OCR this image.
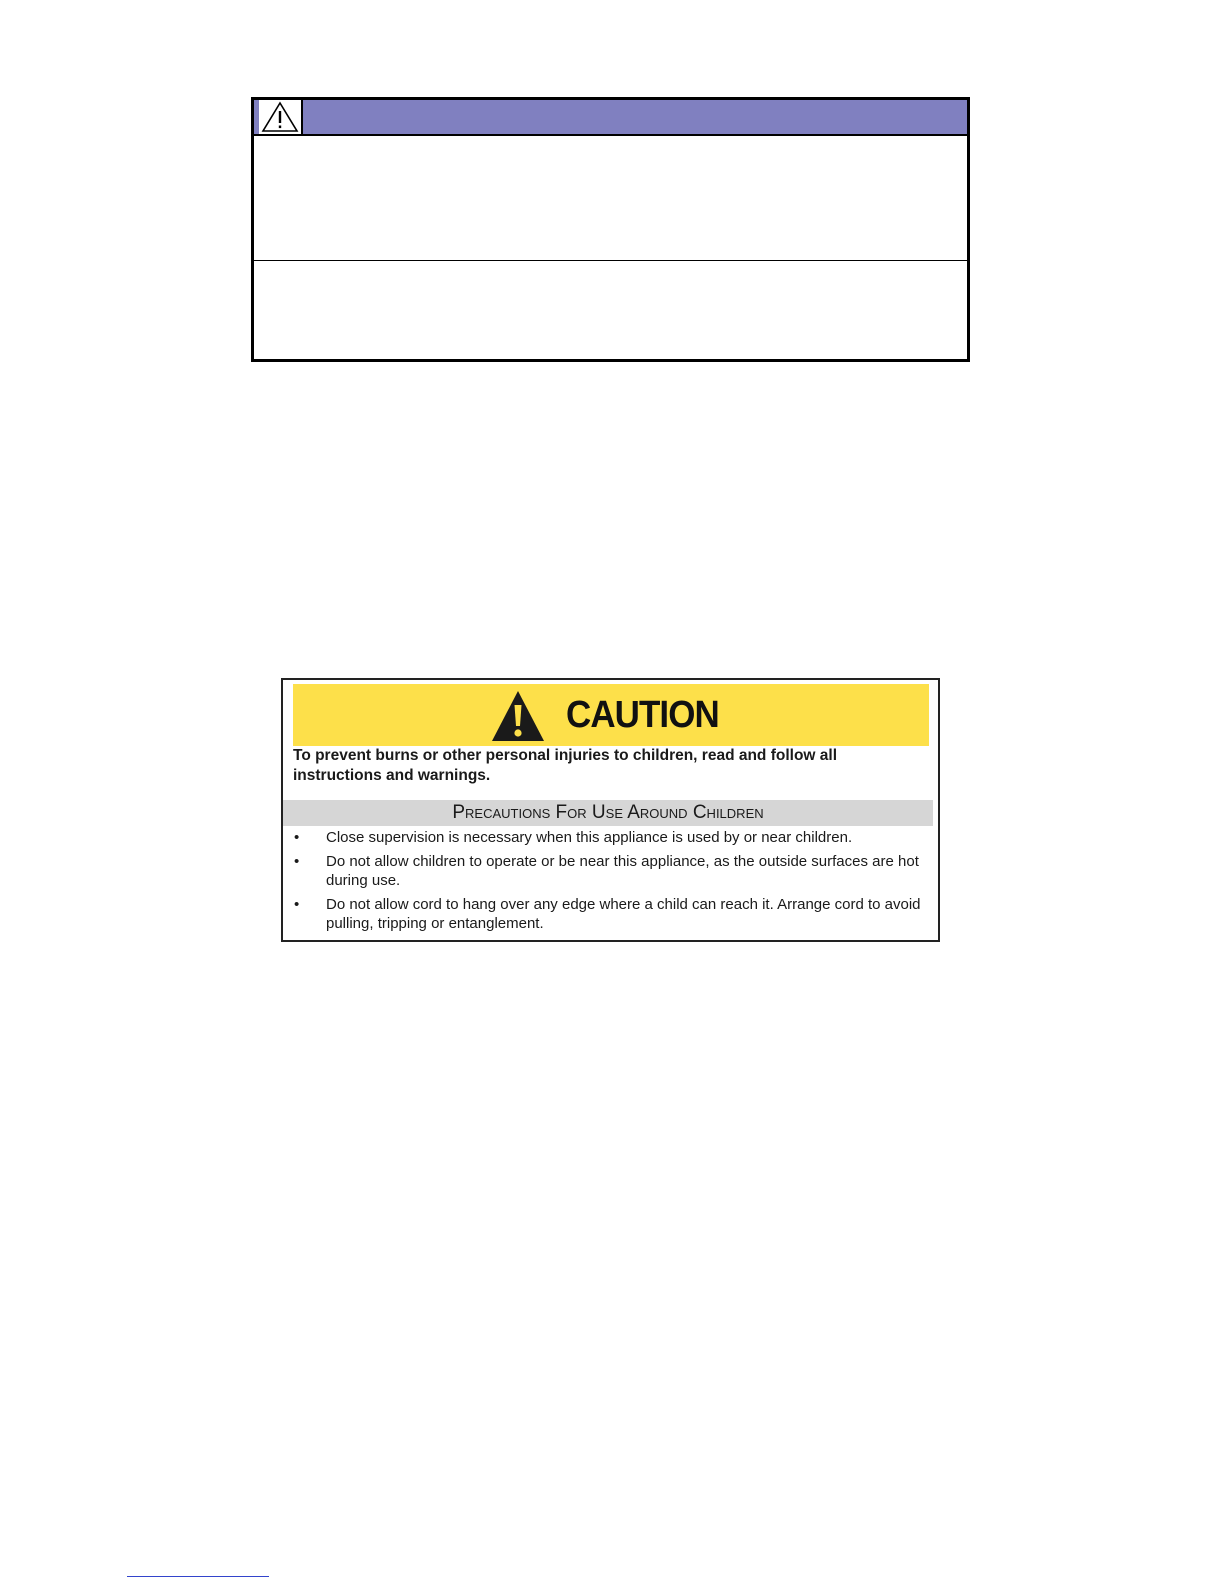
CAUTION
To prevent burns or other personal injuries to children, read and follow all instructions and warnings.
Precautions For Use Around Children
• Close supervision is necessary when this appliance is used by or near children.
• Do not allow children to operate or be near this appliance, as the outside surfaces are hot during use.
• Do not allow cord to hang over any edge where a child can reach it. Arrange cord to avoid pulling, tripping or entanglement.
